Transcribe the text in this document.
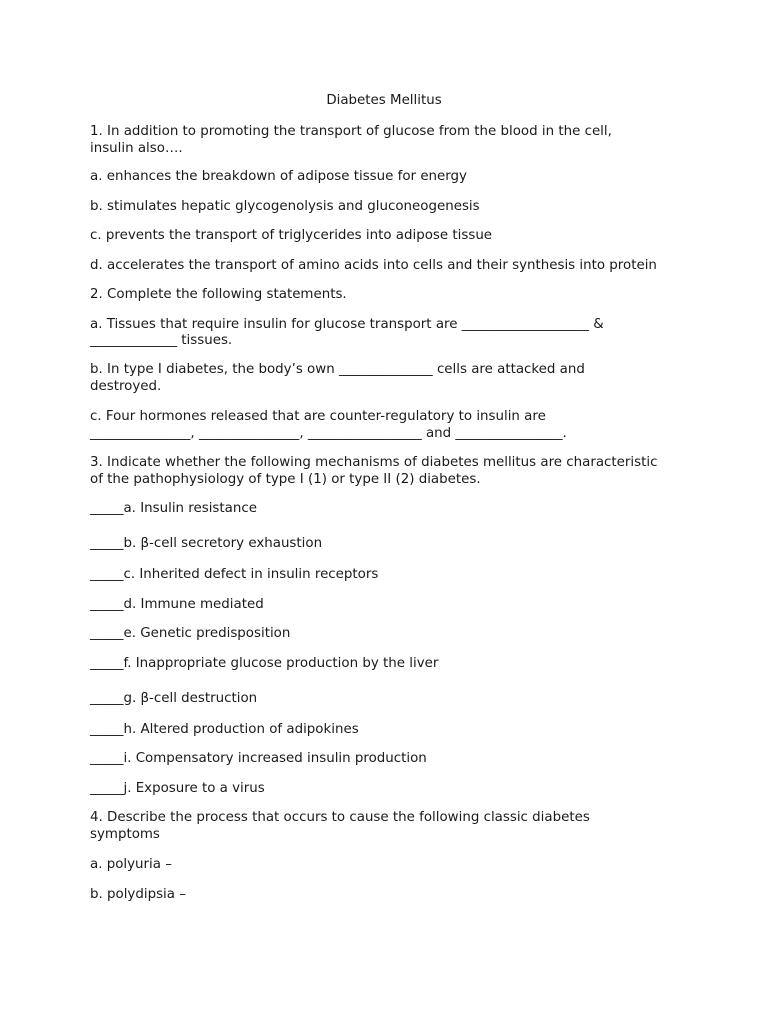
Diabetes Mellitus
1. In addition to promoting the transport of glucose from the blood in the cell,
insulin also….
a. enhances the breakdown of adipose tissue for energy
b. stimulates hepatic glycogenolysis and gluconeogenesis
c. prevents the transport of triglycerides into adipose tissue
d. accelerates the transport of amino acids into cells and their synthesis into protein
2. Complete the following statements.
a. Tissues that require insulin for glucose transport are ___________________ &
_____________ tissues.
b. In type I diabetes, the body’s own ______________ cells are attacked and
destroyed.
c. Four hormones released that are counter-regulatory to insulin are
_______________, _______________, _________________ and ________________.
3. Indicate whether the following mechanisms of diabetes mellitus are characteristic
of the pathophysiology of type I (1) or type II (2) diabetes.
_____a. Insulin resistance
_____b. β-cell secretory exhaustion
_____c. Inherited defect in insulin receptors
_____d. Immune mediated
_____e. Genetic predisposition
_____f. Inappropriate glucose production by the liver
_____g. β-cell destruction
_____h. Altered production of adipokines
_____i. Compensatory increased insulin production
_____j. Exposure to a virus
4. Describe the process that occurs to cause the following classic diabetes
symptoms
a. polyuria –
b. polydipsia –
